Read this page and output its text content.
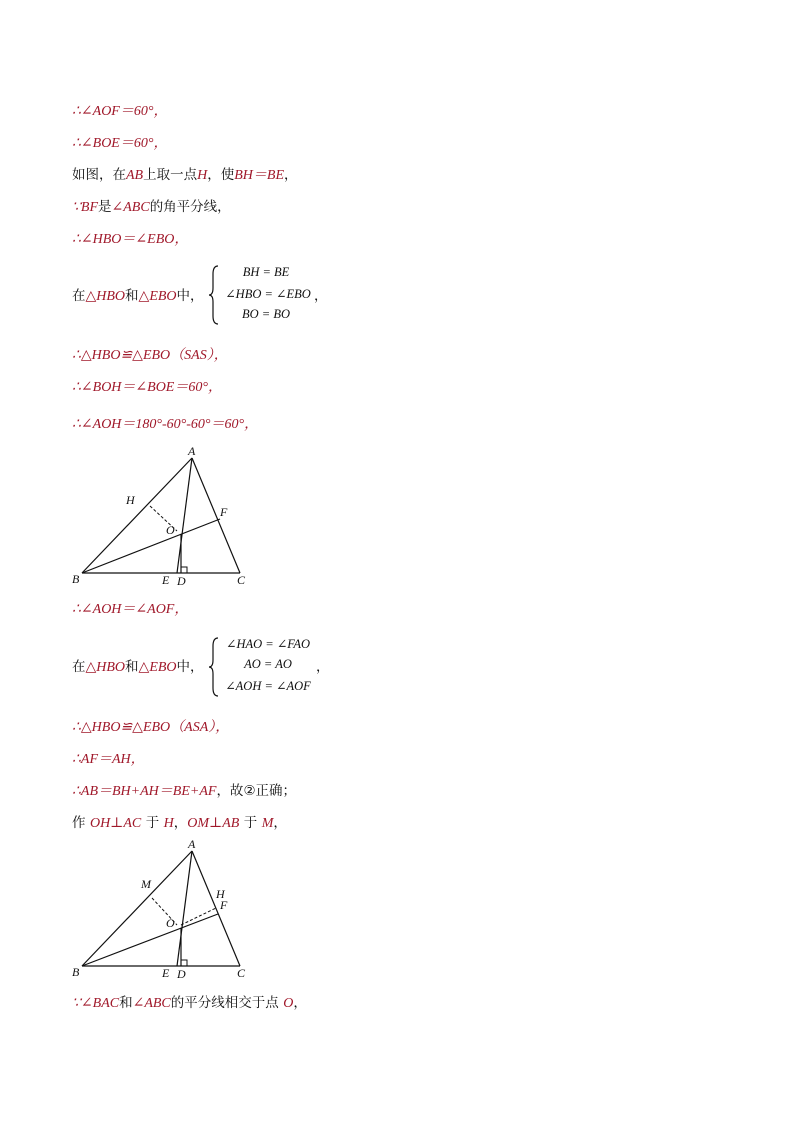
∴∠AOF＝60°，
∴∠BOE＝60°，
如图，在AB上取一点H，使BH＝BE，
∵BF是∠ABC的角平分线，
∴∠HBO＝∠EBO，
在△HBO和△EBO中，
BH = BE
∠HBO = ∠EBO
BO = BO
，
∴△HBO≌△EBO（SAS），
∴∠BOH＝∠BOE＝60°，
∴∠AOH＝180°-60°-60°＝60°，
A
B	C
E D
F
H
O
∴∠AOH＝∠AOF，
在△HBO和△EBO中，
∠HAO = ∠FAO
AO = AO
∠AOH = ∠AOF
，
∴△HBO≌△EBO（ASA），
∴AF＝AH，
∴AB＝BH+AH＝BE+AF，故②正确；
作 OH⊥AC 于 H，OM⊥AB 于 M，
A
B	C
E D
F
H
M
O
∵∠BAC和∠ABC的平分线相交于点 O，
